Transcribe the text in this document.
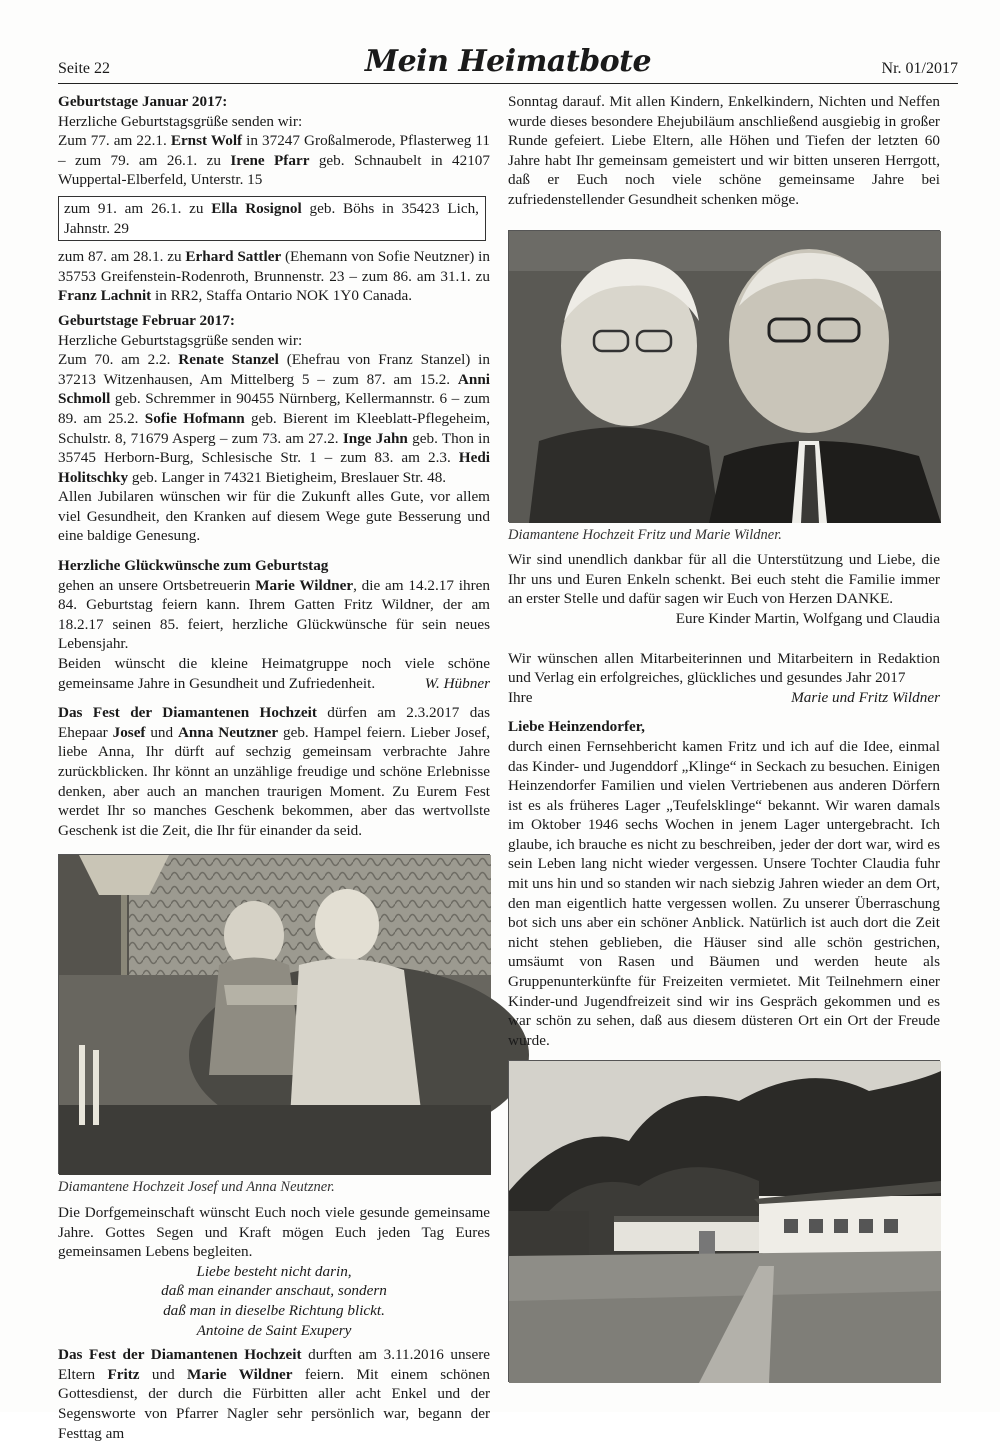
Seite 22	Mein Heimatbote	Nr. 01/2017
Geburtstage Januar 2017:
Herzliche Geburtstagsgrüße senden wir:

Zum 77. am 22.1. Ernst Wolf in 37247 Großalmerode, Pflasterweg 11 – zum 79. am 26.1. zu Irene Pfarr geb. Schnaubelt in 42107 Wuppertal-Elberfeld, Unterstr. 15

zum 91. am 26.1. zu Ella Rosignol geb. Böhs in 35423 Lich, Jahnstr. 29

zum 87. am 28.1. zu Erhard Sattler (Ehemann von Sofie Neutzner) in 35753 Greifenstein-Rodenroth, Brunnenstr. 23 – zum 86. am 31.1. zu Franz Lachnit in RR2, Staffa Ontario NOK 1Y0 Canada.

Geburtstage Februar 2017:
Herzliche Geburtstagsgrüße senden wir:

Zum 70. am 2.2. Renate Stanzel (Ehefrau von Franz Stanzel) in 37213 Witzenhausen, Am Mittelberg 5 – zum 87. am 15.2. Anni Schmoll geb. Schremmer in 90455 Nürnberg, Kellermannstr. 6 – zum 89. am 25.2. Sofie Hofmann geb. Bierent im Kleeblatt-Pflegeheim, Schulstr. 8, 71679 Asperg – zum 73. am 27.2. Inge Jahn geb. Thon in 35745 Herborn-Burg, Schlesische Str. 1 – zum 83. am 2.3. Hedi Holitschky geb. Langer in 74321 Bietigheim, Breslauer Str. 48.

Allen Jubilaren wünschen wir für die Zukunft alles Gute, vor allem viel Gesundheit, den Kranken auf diesem Wege gute Besserung und eine baldige Genesung.

Herzliche Glückwünsche zum Geburtstag

gehen an unsere Ortsbetreuerin Marie Wildner, die am 14.2.17 ihren 84. Geburtstag feiern kann. Ihrem Gatten Fritz Wildner, der am 18.2.17 seinen 85. feiert, herzliche Glückwünsche für sein neues Lebensjahr.

Beiden wünscht die kleine Heimatgruppe noch viele schöne gemeinsame Jahre in Gesundheit und Zufriedenheit.	W. Hübner

Das Fest der Diamantenen Hochzeit dürfen am 2.3.2017 das Ehepaar Josef und Anna Neutzner geb. Hampel feiern. Lieber Josef, liebe Anna, Ihr dürft auf sechzig gemeinsam verbrachte Jahre zurückblicken. Ihr könnt an unzählige freudige und schöne Erlebnisse denken, aber auch an manchen traurigen Moment. Zu Eurem Fest werdet Ihr so manches Geschenk bekommen, aber das wertvollste Geschenk ist die Zeit, die Ihr für einander da seid.

Diamantene Hochzeit Josef und Anna Neutzner.

Die Dorfgemeinschaft wünscht Euch noch viele gesunde gemeinsame Jahre. Gottes Segen und Kraft mögen Euch jeden Tag Eures gemeinsamen Lebens begleiten.

Liebe besteht nicht darin,
daß man einander anschaut, sondern
daß man in dieselbe Richtung blickt.
Antoine de Saint Exupery

Das Fest der Diamantenen Hochzeit durften am 3.11.2016 unsere Eltern Fritz und Marie Wildner feiern. Mit einem schönen Gottesdienst, der durch die Fürbitten aller acht Enkel und der Segensworte von Pfarrer Nagler sehr persönlich war, begann der Festtag am

Sonntag darauf. Mit allen Kindern, Enkelkindern, Nichten und Neffen wurde dieses besondere Ehejubiläum anschließend ausgiebig in großer Runde gefeiert. Liebe Eltern, alle Höhen und Tiefen der letzten 60 Jahre habt Ihr gemeinsam gemeistert und wir bitten unseren Herrgott, daß er Euch noch viele schöne gemeinsame Jahre bei zufriedenstellender Gesundheit schenken möge.

Diamantene Hochzeit Fritz und Marie Wildner.

Wir sind unendlich dankbar für all die Unterstützung und Liebe, die Ihr uns und Euren Enkeln schenkt. Bei euch steht die Familie immer an erster Stelle und dafür sagen wir Euch von Herzen DANKE.

Eure Kinder Martin, Wolfgang und Claudia

Wir wünschen allen Mitarbeiterinnen und Mitarbeitern in Redaktion und Verlag ein erfolgreiches, glückliches und gesundes Jahr 2017

Ihre	Marie und Fritz Wildner
Liebe Heinzendorfer,

durch einen Fernsehbericht kamen Fritz und ich auf die Idee, einmal das Kinder- und Jugenddorf „Klinge“ in Seckach zu besuchen. Einigen Heinzendorfer Familien und vielen Vertriebenen aus anderen Dörfern ist es als früheres Lager „Teufelsklinge“ bekannt. Wir waren damals im Oktober 1946 sechs Wochen in jenem Lager untergebracht. Ich glaube, ich brauche es nicht zu beschreiben, jeder der dort war, wird es sein Leben lang nicht wieder vergessen. Unsere Tochter Claudia fuhr mit uns hin und so standen wir nach siebzig Jahren wieder an dem Ort, den man eigentlich hatte vergessen wollen. Zu unserer Überraschung bot sich uns aber ein schöner Anblick. Natürlich ist auch dort die Zeit nicht stehen geblieben, die Häuser sind alle schön gestrichen, umsäumt von Rasen und Bäumen und werden heute als Gruppenunterkünfte für Freizeiten vermietet. Mit Teilnehmern einer Kinder-und Jugendfreizeit sind wir ins Gespräch gekommen und es war schön zu sehen, daß aus diesem düsteren Ort ein Ort der Freude wurde.
